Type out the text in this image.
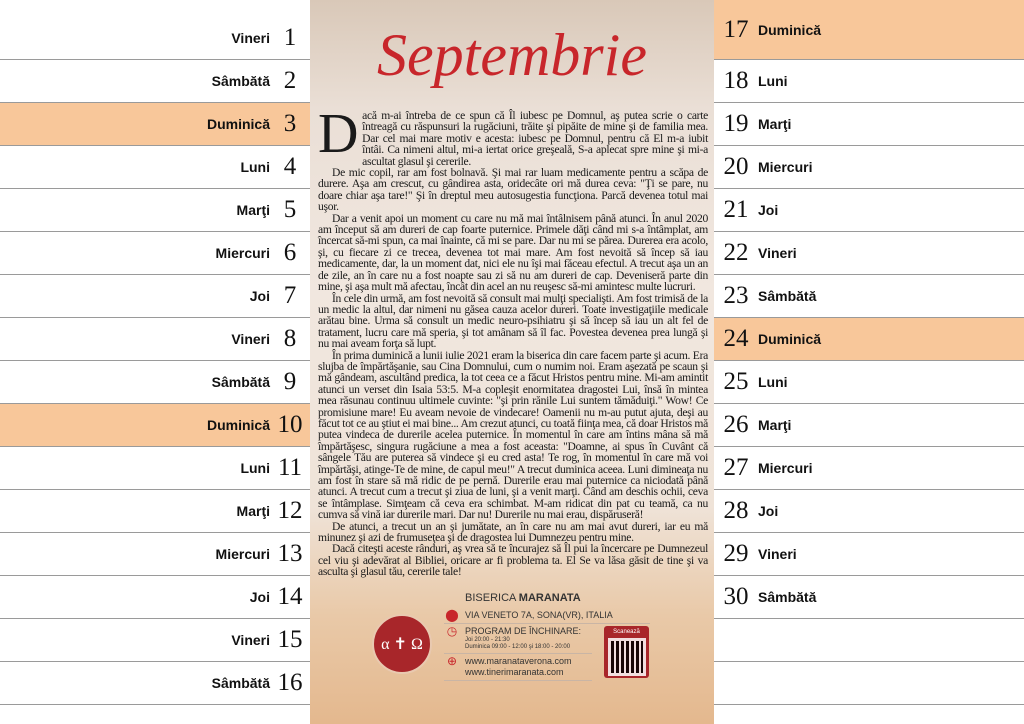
Vineri 1
Sâmbătă 2
Duminică 3
Luni 4
Marţi 5
Miercuri 6
Joi 7
Vineri 8
Sâmbătă 9
Duminică 10
Luni 11
Marţi 12
Miercuri 13
Joi 14
Vineri 15
Sâmbătă 16
17 Duminică
18 Luni
19 Marţi
20 Miercuri
21 Joi
22 Vineri
23 Sâmbătă
24 Duminică
25 Luni
26 Marţi
27 Miercuri
28 Joi
29 Vineri
30 Sâmbătă
Septembrie

Dacă m-ai întreba de ce spun că Îl iubesc pe Domnul, aş putea scrie o carte întreagă cu răspunsuri la rugăciuni, trăite şi pipăite de mine şi de familia mea. Dar cel mai mare motiv e acesta: iubesc pe Domnul, pentru că El m-a iubit întâi. Ca nimeni altul, mi-a iertat orice greşeală, S-a aplecat spre mine şi mi-a ascultat glasul şi cererile.

De mic copil, rar am fost bolnavă. Şi mai rar luam medicamente pentru a scăpa de durere. Aşa am crescut, cu gândirea asta, oridecâte ori mă durea ceva: "Ţi se pare, nu doare chiar aşa tare!" Şi în dreptul meu autosugestia funcţiona. Parcă devenea totul mai uşor.

Dar a venit apoi un moment cu care nu mă mai întâlnisem până atunci. În anul 2020 am început să am dureri de cap foarte puternice. Primele dăţi când mi s-a întâmplat, am încercat să-mi spun, ca mai înainte, că mi se pare. Dar nu mi se părea. Durerea era acolo, şi, cu fiecare zi ce trecea, devenea tot mai mare. Am fost nevoită să încep să iau medicamente, dar, la un moment dat, nici ele nu îşi mai făceau efectul. A trecut aşa un an de zile, an în care nu a fost noapte sau zi să nu am dureri de cap. Deveniseră parte din mine, şi aşa mult mă afectau, încât din acel an nu reuşesc să-mi amintesc multe lucruri.

În cele din urmă, am fost nevoită să consult mai mulţi specialişti. Am fost trimisă de la un medic la altul, dar nimeni nu găsea cauza acelor dureri. Toate investigaţiile medicale arătau bine. Urma să consult un medic neuro-psihiatru şi să încep să iau un alt fel de tratament, lucru care mă speria, şi tot amânam să îl fac. Povestea devenea prea lungă şi nu mai aveam forţa să lupt.

În prima duminică a lunii iulie 2021 eram la biserica din care facem parte şi acum. Era slujba de împărtăşanie, sau Cina Domnului, cum o numim noi. Eram aşezată pe scaun şi mă gândeam, ascultând predica, la tot ceea ce a făcut Hristos pentru mine. Mi-am amintit atunci un verset din Isaia 53:5. M-a copleşit enormitatea dragostei Lui, însă în mintea mea răsunau continuu ultimele cuvinte: "şi prin rănile Lui suntem tămăduiţi." Wow! Ce promisiune mare! Eu aveam nevoie de vindecare! Oamenii nu m-au putut ajuta, deşi au făcut tot ce au ştiut ei mai bine... Am crezut atunci, cu toată fiinţa mea, că doar Hristos mă putea vindeca de durerile acelea puternice. În momentul în care am întins mâna să mă împărtăşesc, singura rugăciune a mea a fost aceasta: "Doamne, ai spus în Cuvânt că sângele Tău are puterea să vindece şi eu cred asta! Te rog, în momentul în care mă voi împărtăşi, atinge-Te de mine, de capul meu!" A trecut duminica aceea. Luni dimineaţa nu am fost în stare să mă ridic de pe pernă. Durerile erau mai puternice ca niciodată până atunci. A trecut cum a trecut şi ziua de luni, şi a venit marţi. Când am deschis ochii, ceva se întâmplase. Simţeam că ceva era schimbat. M-am ridicat din pat cu teamă, ca nu cumva să vină iar durerile mari. Dar nu! Durerile nu mai erau, dispăruseră!

De atunci, a trecut un an şi jumătate, an în care nu am mai avut dureri, iar eu mă minunez şi azi de frumuseţea şi de dragostea lui Dumnezeu pentru mine.

Dacă citeşti aceste rânduri, aş vrea să te încurajez să Îl pui la încercare pe Dumnezeul cel viu şi adevărat al Bibliei, oricare ar fi problema ta. El Se va lăsa găsit de tine şi va asculta şi glasul tău, cererile tale!

α ✝ Ω
BISERICA MARANATA
⬤ VIA VENETO 7A, SONA(VR), ITALIA
◷ PROGRAM DE ÎNCHINARE:
Joi 20:00 - 21:30
Duminica 09:00 - 12:00 şi 18:00 - 20:00
⊕ www.maranataverona.com
www.tinerimaranata.com
Scanează
